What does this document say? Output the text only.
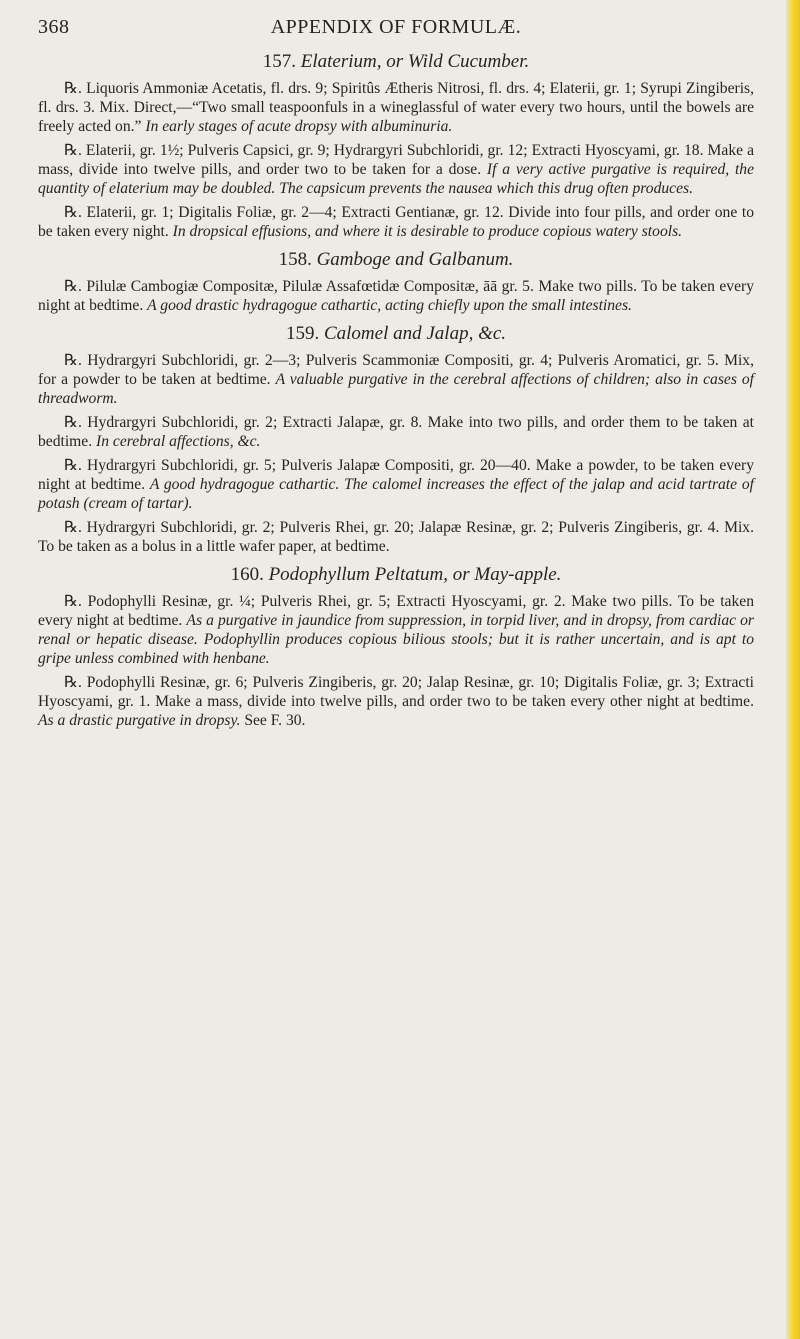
368	APPENDIX OF FORMULÆ.
157. Elaterium, or Wild Cucumber.

℞. Liquoris Ammoniæ Acetatis, fl. drs. 9; Spiritûs Ætheris Nitrosi, fl. drs. 4; Elaterii, gr. 1; Syrupi Zingiberis, fl. drs. 3. Mix. Direct,—“Two small teaspoonfuls in a wineglassful of water every two hours, until the bowels are freely acted on.” In early stages of acute dropsy with albuminuria.

℞. Elaterii, gr. 1½; Pulveris Capsici, gr. 9; Hydrargyri Subchloridi, gr. 12; Extracti Hyoscyami, gr. 18. Make a mass, divide into twelve pills, and order two to be taken for a dose. If a very active purgative is required, the quantity of elaterium may be doubled. The capsicum prevents the nausea which this drug often produces.

℞. Elaterii, gr. 1; Digitalis Foliæ, gr. 2—4; Extracti Gentianæ, gr. 12. Divide into four pills, and order one to be taken every night. In dropsical effusions, and where it is desirable to produce copious watery stools.

158. Gamboge and Galbanum.

℞. Pilulæ Cambogiæ Compositæ, Pilulæ Assafœtidæ Compositæ, āā gr. 5. Make two pills. To be taken every night at bedtime. A good drastic hydragogue cathartic, acting chiefly upon the small intestines.

159. Calomel and Jalap, &c.

℞. Hydrargyri Subchloridi, gr. 2—3; Pulveris Scammoniæ Compositi, gr. 4; Pulveris Aromatici, gr. 5. Mix, for a powder to be taken at bedtime. A valuable purgative in the cerebral affections of children; also in cases of threadworm.

℞. Hydrargyri Subchloridi, gr. 2; Extracti Jalapæ, gr. 8. Make into two pills, and order them to be taken at bedtime. In cerebral affections, &c.

℞. Hydrargyri Subchloridi, gr. 5; Pulveris Jalapæ Compositi, gr. 20—40. Make a powder, to be taken every night at bedtime. A good hydragogue cathartic. The calomel increases the effect of the jalap and acid tartrate of potash (cream of tartar).

℞. Hydrargyri Subchloridi, gr. 2; Pulveris Rhei, gr. 20; Jalapæ Resinæ, gr. 2; Pulveris Zingiberis, gr. 4. Mix. To be taken as a bolus in a little wafer paper, at bedtime.

160. Podophyllum Peltatum, or May-apple.

℞. Podophylli Resinæ, gr. ¼; Pulveris Rhei, gr. 5; Extracti Hyoscyami, gr. 2. Make two pills. To be taken every night at bedtime. As a purgative in jaundice from suppression, in torpid liver, and in dropsy, from cardiac or renal or hepatic disease. Podophyllin produces copious bilious stools; but it is rather uncertain, and is apt to gripe unless combined with henbane.

℞. Podophylli Resinæ, gr. 6; Pulveris Zingiberis, gr. 20; Jalap Resinæ, gr. 10; Digitalis Foliæ, gr. 3; Extracti Hyoscyami, gr. 1. Make a mass, divide into twelve pills, and order two to be taken every other night at bedtime. As a drastic purgative in dropsy. See F. 30.
